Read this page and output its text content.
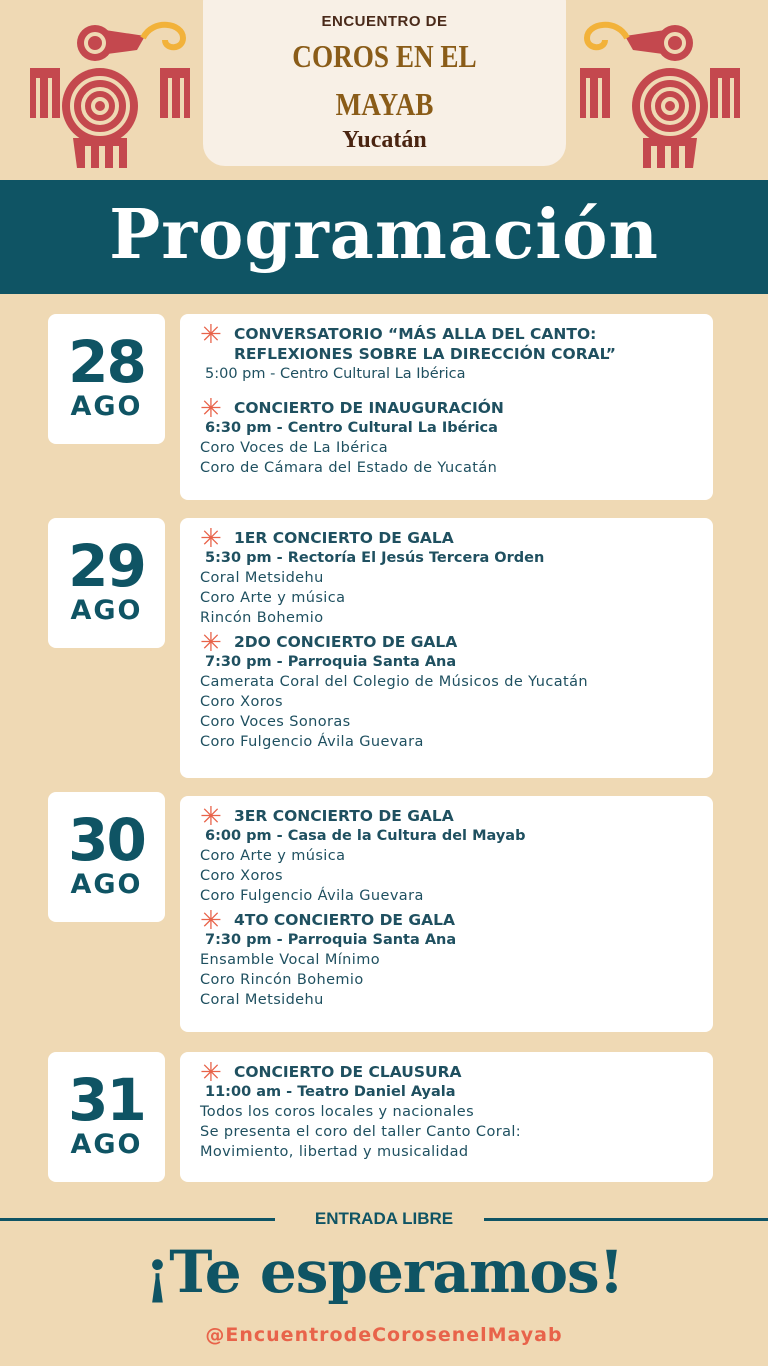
ENCUENTRO DE
COROS EN EL
MAYAB
Yucatán
Programación
28
AGO
✳ CONVERSATORIO “MÁS ALLA DEL CANTO:
REFLEXIONES SOBRE LA DIRECCIÓN CORAL”
5:00 pm - Centro Cultural La Ibérica
✳ CONCIERTO DE INAUGURACIÓN
6:30 pm - Centro Cultural La Ibérica
Coro Voces de La Ibérica
Coro de Cámara del Estado de Yucatán
29
AGO
✳ 1ER CONCIERTO DE GALA
5:30 pm - Rectoría El Jesús Tercera Orden
Coral Metsidehu
Coro Arte y música
Rincón Bohemio
✳ 2DO CONCIERTO DE GALA
7:30 pm - Parroquia Santa Ana
Camerata Coral del Colegio de Músicos de Yucatán
Coro Xoros
Coro Voces Sonoras
Coro Fulgencio Ávila Guevara
30
AGO
✳ 3ER CONCIERTO DE GALA
6:00 pm - Casa de la Cultura del Mayab
Coro Arte y música
Coro Xoros
Coro Fulgencio Ávila Guevara
✳ 4TO CONCIERTO DE GALA
7:30 pm - Parroquia Santa Ana
Ensamble Vocal Mínimo
Coro Rincón Bohemio
Coral Metsidehu
31
AGO
✳ CONCIERTO DE CLAUSURA
11:00 am - Teatro Daniel Ayala
Todos los coros locales y nacionales
Se presenta el coro del taller Canto Coral:
Movimiento, libertad y musicalidad
ENTRADA LIBRE
¡Te esperamos!
@EncuentrodeCorosenelMayab
